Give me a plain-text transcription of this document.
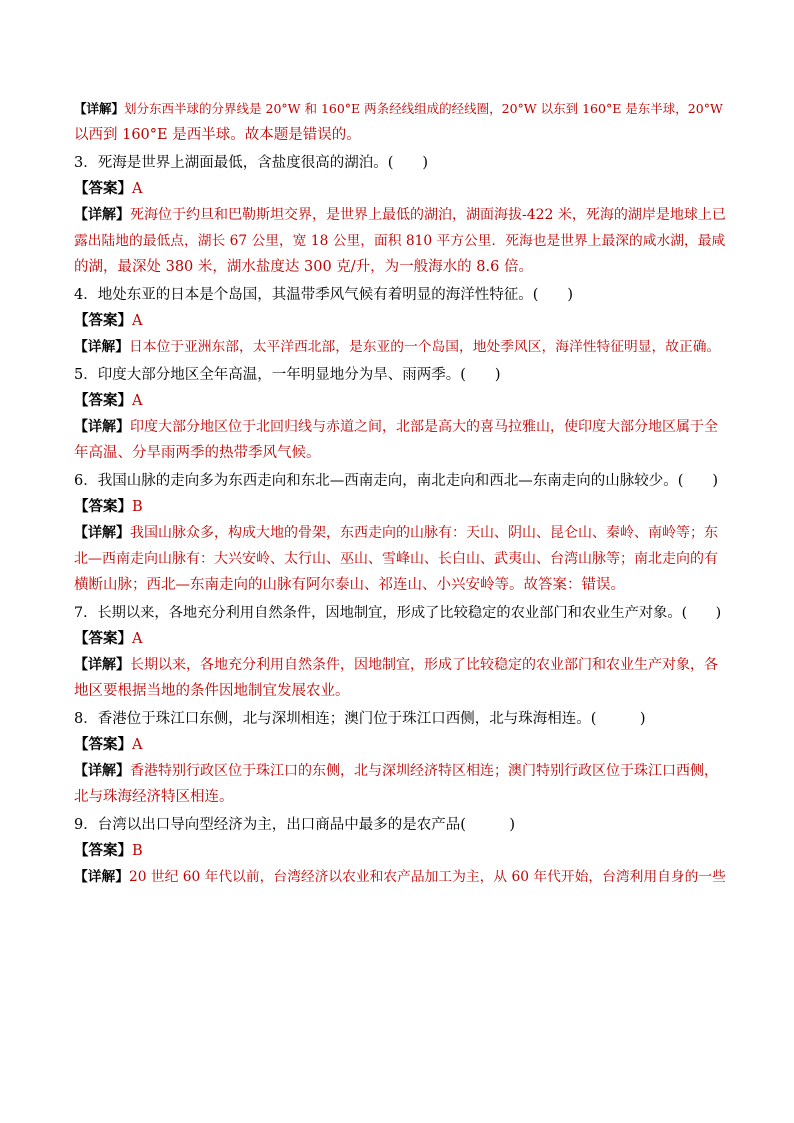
【详解】划分东西半球的分界线是 20°W 和 160°E 两条经线组成的经线圈，20°W 以东到 160°E 是东半球，20°W
以西到 160°E 是西半球。故本题是错误的。
3．死海是世界上湖面最低，含盐度很高的湖泊。(　　)
【答案】A
【详解】死海位于约旦和巴勒斯坦交界，是世界上最低的湖泊，湖面海拔-422 米，死海的湖岸是地球上已
露出陆地的最低点，湖长 67 公里，宽 18 公里，面积 810 平方公里．死海也是世界上最深的咸水湖，最咸
的湖，最深处 380 米，湖水盐度达 300 克/升，为一般海水的 8.6 倍。
4．地处东亚的日本是个岛国，其温带季风气候有着明显的海洋性特征。(　　)
【答案】A
【详解】日本位于亚洲东部，太平洋西北部，是东亚的一个岛国，地处季风区，海洋性特征明显，故正确。
5．印度大部分地区全年高温，一年明显地分为旱、雨两季。(　　)
【答案】A
【详解】印度大部分地区位于北回归线与赤道之间，北部是高大的喜马拉雅山，使印度大部分地区属于全
年高温、分旱雨两季的热带季风气候。
6．我国山脉的走向多为东西走向和东北—西南走向，南北走向和西北—东南走向的山脉较少。(　　)
【答案】B
【详解】我国山脉众多，构成大地的骨架，东西走向的山脉有：天山、阴山、昆仑山、秦岭、南岭等；东
北—西南走向山脉有：大兴安岭、太行山、巫山、雪峰山、长白山、武夷山、台湾山脉等；南北走向的有
横断山脉；西北—东南走向的山脉有阿尔泰山、祁连山、小兴安岭等。故答案：错误。
7．长期以来，各地充分利用自然条件，因地制宜，形成了比较稳定的农业部门和农业生产对象。(　　)
【答案】A
【详解】长期以来，各地充分利用自然条件，因地制宜，形成了比较稳定的农业部门和农业生产对象，各
地区要根据当地的条件因地制宜发展农业。
8．香港位于珠江口东侧，北与深圳相连；澳门位于珠江口西侧，北与珠海相连。(　　　)
【答案】A
【详解】香港特别行政区位于珠江口的东侧，北与深圳经济特区相连；澳门特别行政区位于珠江口西侧，
北与珠海经济特区相连。
9．台湾以出口导向型经济为主，出口商品中最多的是农产品(　　　)
【答案】B
【详解】20 世纪 60 年代以前，台湾经济以农业和农产品加工为主，从 60 年代开始，台湾利用自身的一些
